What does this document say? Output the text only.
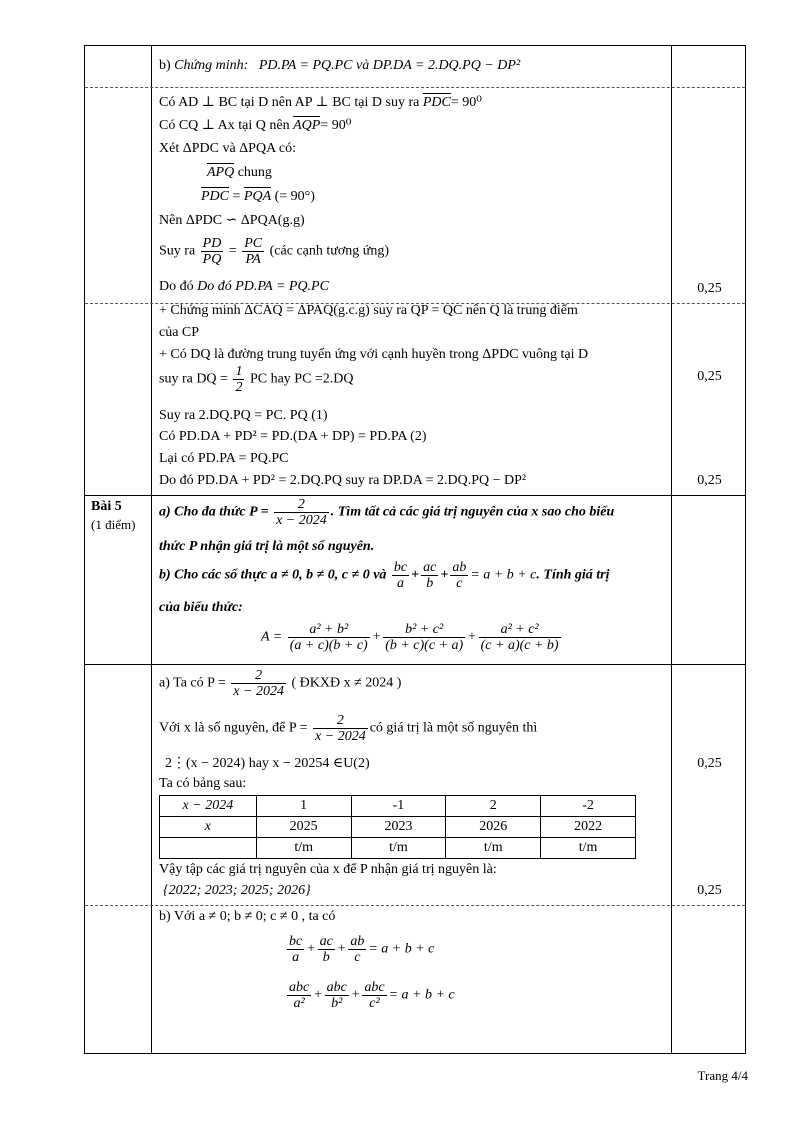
b) Chứng minh: PD.PA = PQ.PC và DP.DA = 2.DQ.PQ − DP²
Có AD ⊥ BC tại D nên AP ⊥ BC tại D suy ra PDC= 90⁰
Có CQ ⊥ Ax tại Q nên AQP= 90⁰
Xét ΔPDC và ΔPQA có:
APQ chung
PDC = PQA (= 90°)
Nên ΔPDC ∽ ΔPQA(g.g)
Suy ra $\frac{PD}{PQ} = \frac{PC}{PA}$ (các cạnh tương ứng)
Do đó Do đó PD.PA = PQ.PC	0,25
+ Chứng minh ΔCAQ = ΔPAQ(g.c.g) suy ra QP = QC nên Q là trung điểm
của CP
+ Có DQ là đường trung tuyến ứng với cạnh huyền trong ΔPDC vuông tại D
suy ra DQ = $\frac{1}{2}$ PC hay PC =2.DQ	0,25
Suy ra 2.DQ.PQ = PC. PQ (1)
Có PD.DA + PD² = PD.(DA + DP) = PD.PA (2)
Lại có PD.PA = PQ.PC
Do đó PD.DA + PD² = 2.DQ.PQ suy ra DP.DA = 2.DQ.PQ − DP²	0,25
Bài 5
(1 điểm)
a) Cho đa thức $P = \frac{2}{x - 2024}$ . Tìm tất cả các giá trị nguyên của x sao cho biểu
thức P nhận giá trị là một số nguyên.
b) Cho các số thực a ≠ 0, b ≠ 0, c ≠ 0 và $\frac{bc}{a} + \frac{ac}{b} + \frac{ab}{c} = a + b + c$. Tính giá trị
của biểu thức:
$A = \frac{\text{a² + b²}}{(a + c)(b + c)} + \frac{\text{b² + c²}}{(b + c)(c + a)} + \frac{\text{a² + c²}}{(c + a)(c + b)}$
a) Ta có $P = \frac{2}{x - 2024}$ ( ĐKXĐ x ≠ 2024 )
Với x là số nguyên, để $P = \frac{2}{x - 2024}$ có giá trị là một số nguyên thì
2⋮(x − 2024) hay x − 20254 ∈U(2)	0,25
Ta có bảng sau:
x − 2024	1	-1	2	-2
x	2025	2023	2026	2022
	t/m	t/m	t/m	t/m
Vậy tập các giá trị nguyên của x để P nhận giá trị nguyên là:
{2022; 2023; 2025; 2026}	0,25
b) Với a ≠ 0; b ≠ 0; c ≠ 0 , ta có
$\frac{bc}{a} + \frac{ac}{b} + \frac{ab}{c} = a + b + c$
$\frac{\text{abc}}{\text{a²}} + \frac{\text{abc}}{\text{b²}} + \frac{\text{abc}}{\text{c²}} = a + b + c$
Trang 4/4
